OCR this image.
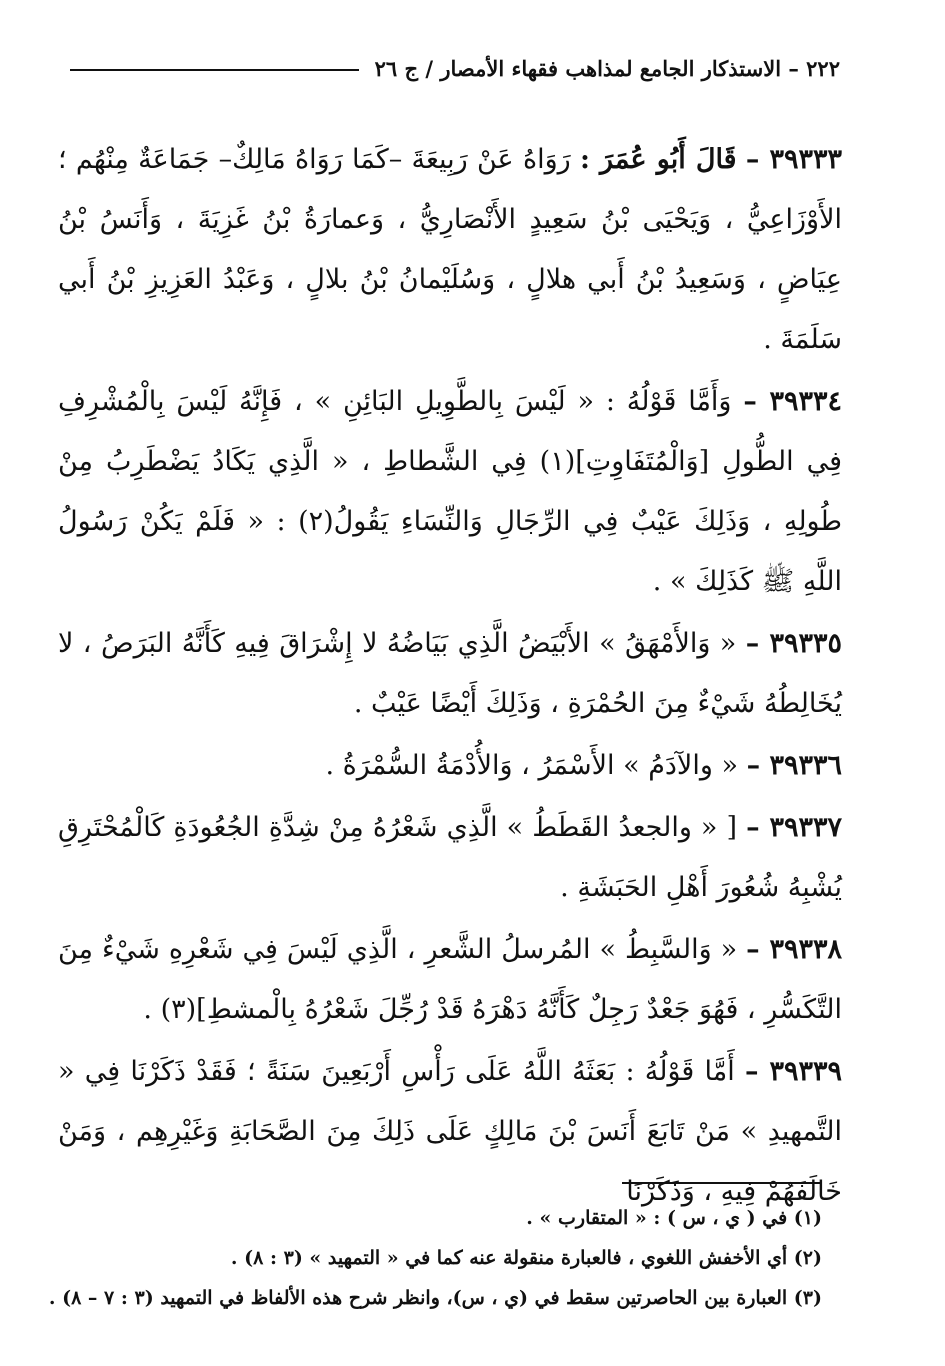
٢٢٢ – الاستذكار الجامع لمذاهب فقهاء الأمصار / ج ٢٦

٣٩٣٣٣ – قَالَ أَبُو عُمَرَ : رَوَاهُ عَنْ رَبِيعَةَ –كَمَا رَوَاهُ مَالِكٌ– جَمَاعَةٌ مِنْهُم ؛ الأَوْزَاعِيُّ ، وَيَحْيَى بْنُ سَعِيدٍ الأَنْصَارِيُّ ، وَعمارَةُ بْنُ غَزِيَةَ ، وَأَنَسُ بْنُ عِيَاضٍ ، وَسَعِيدُ بْنُ أَبي هلالٍ ، وَسُلَيْمانُ بْنُ بلالٍ ، وَعَبْدُ العَزِيزِ بْنُ أَبي سَلَمَةَ .

٣٩٣٣٤ – وَأَمَّا قَوْلُهُ : « لَيْسَ بِالطَّوِيلِ البَائِنِ » ، فَإِنَّهُ لَيْسَ بِالْمُشْرِفِ فِي الطُّولِ [وَالْمُتَفَاوِتِ](١) فِي الشَّطاطِ ، « الَّذِي يَكَادُ يَضْطَرِبُ مِنْ طُولِهِ ، وَذَلِكَ عَيْبٌ فِي الرِّجَالِ وَالنِّسَاءِ يَقُولُ(٢) : « فَلَمْ يَكُنْ رَسُولُ اللَّهِ ﷺ كَذَلِكَ » .

٣٩٣٣٥ – « وَالأَمْهَقُ » الأَبْيَضُ الَّذِي بَيَاضُهُ لا إِشْرَاقَ فِيهِ كَأَنَّهُ البَرَصُ ، لا يُخَالِطُهُ شَيْءٌ مِنَ الحُمْرَةِ ، وَذَلِكَ أَيْضًا عَيْبٌ .

٣٩٣٣٦ – « والآدَمُ » الأَسْمَرُ ، وَالأُدْمَةُ السُّمْرَةُ .

٣٩٣٣٧ – [ « والجعدُ القَطَطُ » الَّذِي شَعْرُهُ مِنْ شِدَّةِ الجُعُودَةِ كَالْمُحْتَرِقِ يُشْبِهُ شُعُورَ أَهْلِ الحَبَشَةِ .

٣٩٣٣٨ – « وَالسَّبِطُ » المُرسلُ الشَّعرِ ، الَّذِي لَيْسَ فِي شَعْرِهِ شَيْءٌ مِنَ التَّكَسُّرِ ، فَهُوَ جَعْدٌ رَجِلٌ كَأَنَّهُ دَهْرَهُ قَدْ رُجِّلَ شَعْرُهُ بِالْمشطِ](٣) .

٣٩٣٣٩ – أَمَّا قَوْلُهُ : بَعَثَهُ اللَّهُ عَلَى رَأْسِ أَرْبَعِينَ سَنَةً ؛ فَقَدْ ذَكَرْنَا فِي « التَّمهيدِ » مَنْ تَابَعَ أَنَسَ بْنَ مَالِكٍ عَلَى ذَلِكَ مِنَ الصَّحَابَةِ وَغَيْرِهِم ، وَمَنْ خَالَفَهُمْ فِيهِ ، وَذَكَرْنَا

(١) في ( ي ، س ) : « المتقارب » .
(٢) أي الأخفش اللغوي ، فالعبارة منقولة عنه كما في « التمهيد » (٣ : ٨) .
(٣) العبارة بين الحاصرتين سقط في (ي ، س)، وانظر شرح هذه الألفاظ في التمهيد (٣ : ٧ – ٨) .
